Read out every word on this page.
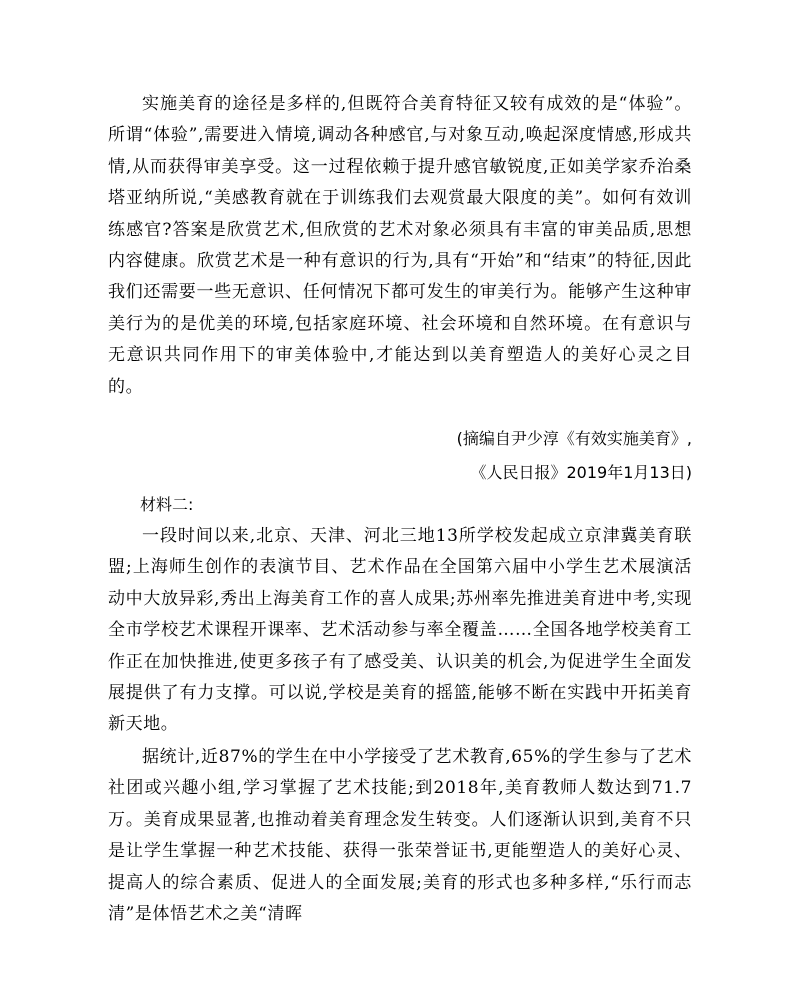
实施美育的途径是多样的,但既符合美育特征又较有成效的是“体验”。所谓“体验”,需要进入情境,调动各种感官,与对象互动,唤起深度情感,形成共情,从而获得审美享受。这一过程依赖于提升感官敏锐度,正如美学家乔治桑塔亚纳所说,“美感教育就在于训练我们去观赏最大限度的美”。如何有效训练感官?答案是欣赏艺术,但欣赏的艺术对象必须具有丰富的审美品质,思想内容健康。欣赏艺术是一种有意识的行为,具有“开始”和“结束”的特征,因此我们还需要一些无意识、任何情况下都可发生的审美行为。能够产生这种审美行为的是优美的环境,包括家庭环境、社会环境和自然环境。在有意识与无意识共同作用下的审美体验中,才能达到以美育塑造人的美好心灵之目的。

(摘编自尹少淳《有效实施美育》,

《人民日报》2019年1月13日)

材料二:

一段时间以来,北京、天津、河北三地13所学校发起成立京津冀美育联盟;上海师生创作的表演节目、艺术作品在全国第六届中小学生艺术展演活动中大放异彩,秀出上海美育工作的喜人成果;苏州率先推进美育进中考,实现全市学校艺术课程开课率、艺术活动参与率全覆盖……全国各地学校美育工作正在加快推进,使更多孩子有了感受美、认识美的机会,为促进学生全面发展提供了有力支撑。可以说,学校是美育的摇篮,能够不断在实践中开拓美育新天地。

据统计,近87%的学生在中小学接受了艺术教育,65%的学生参与了艺术社团或兴趣小组,学习掌握了艺术技能;到2018年,美育教师人数达到71.7万。美育成果显著,也推动着美育理念发生转变。人们逐渐认识到,美育不只是让学生掌握一种艺术技能、获得一张荣誉证书,更能塑造人的美好心灵、提高人的综合素质、促进人的全面发展;美育的形式也多种多样,“乐行而志清”是体悟艺术之美“清晖
